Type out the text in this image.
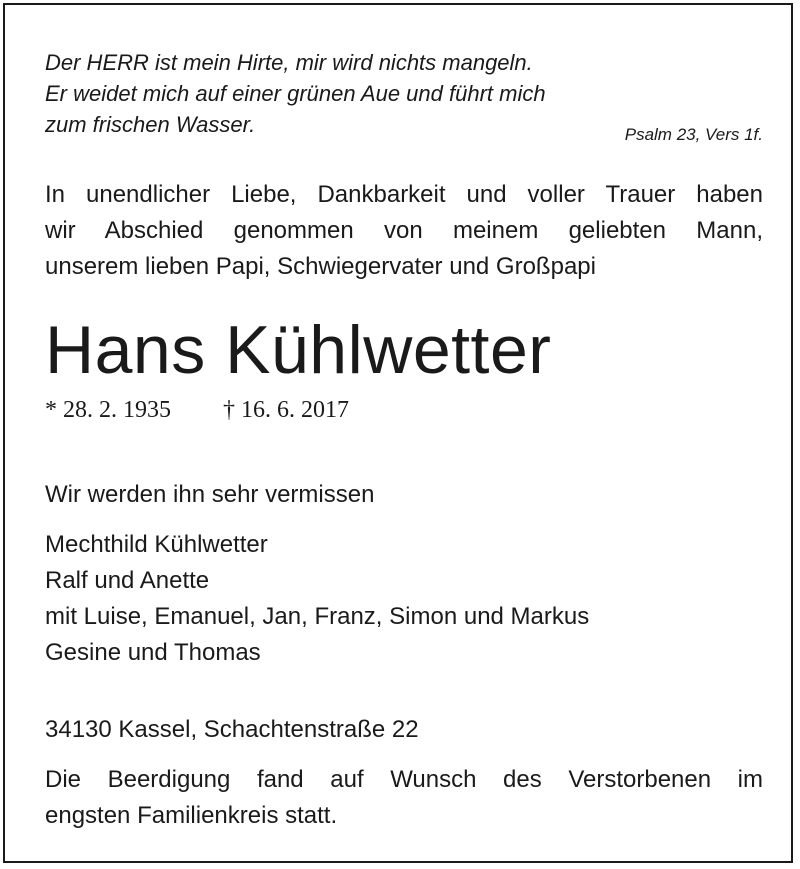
Der HERR ist mein Hirte, mir wird nichts mangeln.
Er weidet mich auf einer grünen Aue und führt mich
zum frischen Wasser.	Psalm 23, Vers 1f.

In unendlicher Liebe, Dankbarkeit und voller Trauer haben
wir Abschied genommen von meinem geliebten Mann,
unserem lieben Papi, Schwiegervater und Großpapi

Hans Kühlwetter
* 28. 2. 1935 † 16. 6. 2017

Wir werden ihn sehr vermissen

Mechthild Kühlwetter
Ralf und Anette
mit Luise, Emanuel, Jan, Franz, Simon und Markus
Gesine und Thomas

34130 Kassel, Schachtenstraße 22

Die Beerdigung fand auf Wunsch des Verstorbenen im
engsten Familienkreis statt.
